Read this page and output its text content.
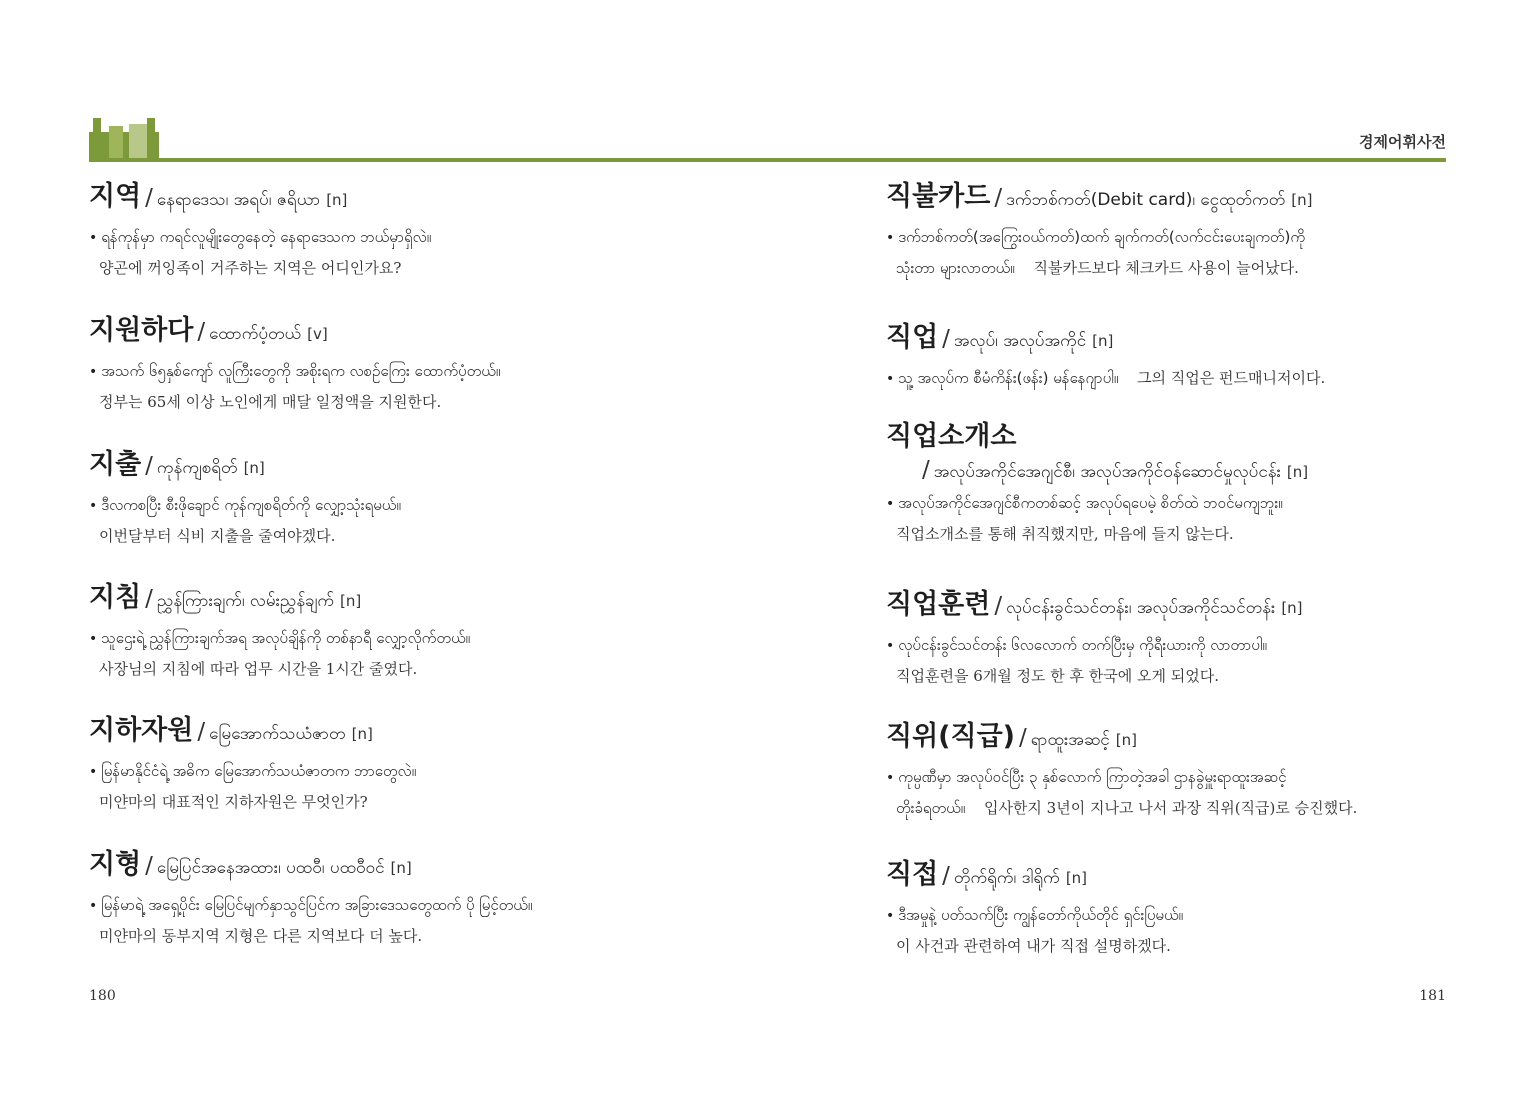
경제어휘사전
지역 / နေရာဒေသ၊ အရပ်၊ ဇရိယာ [n]
• ရန်ကုန်မှာ ကရင်လူမျိုးတွေနေတဲ့ နေရာဒေသက ဘယ်မှာရှိလဲ။
양곤에 꺼잉족이 거주하는 지역은 어디인가요?
지원하다 / ထောက်ပံ့တယ် [v]
• အသက် ၆၅နှစ်ကျော် လူကြီးတွေကို အစိုးရက လစဉ်ကြေး ထောက်ပံ့တယ်။
정부는 65세 이상 노인에게 매달 일정액을 지원한다.
지출 / ကုန်ကျစရိတ် [n]
• ဒီလကစပြီး စီးဖိုချောင် ကုန်ကျစရိတ်ကို လျှော့သုံးရမယ်။
이번달부터 식비 지출을 줄여야겠다.
지침 / ညွှန်ကြားချက်၊ လမ်းညွှန်ချက် [n]
• သူဌေးရဲ့ ညွှန်ကြားချက်အရ အလုပ်ချိန်ကို တစ်နာရီ လျှော့လိုက်တယ်။
사장님의 지침에 따라 업무 시간을 1시간 줄였다.
지하자원 / မြေအောက်သယံဇာတ [n]
• မြန်မာနိုင်ငံရဲ့ အဓိက မြေအောက်သယံဇာတက ဘာတွေလဲ။
미얀마의 대표적인 지하자원은 무엇인가?
지형 / မြေပြင်အနေအထား၊ ပထဝီ၊ ပထဝီဝင် [n]
• မြန်မာရဲ့ အရှေ့ပိုင်း မြေပြင်မျက်နှာသွင်ပြင်က အခြားဒေသတွေထက် ပို မြင့်တယ်။
미얀마의 동부지역 지형은 다른 지역보다 더 높다.
직불카드 / ဒက်ဘစ်ကတ်(Debit card)၊ ငွေထုတ်ကတ် [n]
• ဒက်ဘစ်ကတ်(အကြွေးဝယ်ကတ်)ထက် ချက်ကတ်(လက်ငင်းပေးချကတ်)ကို
သုံးတာ များလာတယ်။ 직불카드보다 체크카드 사용이 늘어났다.
직업 / အလုပ်၊ အလုပ်အကိုင် [n]
• သူ့ အလုပ်က စီမံကိန်း(ဖန်း) မန်နေဂျာပါ။ 그의 직업은 펀드매니저이다.
직업소개소
/ အလုပ်အကိုင်အေဂျင်စီ၊ အလုပ်အကိုင်ဝန်ဆောင်မှုလုပ်ငန်း [n]
• အလုပ်အကိုင်အေဂျင်စီကတစ်ဆင့် အလုပ်ရပေမဲ့ စိတ်ထဲ ဘဝင်မကျဘူး။
직업소개소를 통해 취직했지만, 마음에 들지 않는다.
직업훈련 / လုပ်ငန်းခွင်သင်တန်း၊ အလုပ်အကိုင်သင်တန်း [n]
• လုပ်ငန်းခွင်သင်တန်း ၆လလောက် တက်ပြီးမှ ကိုရီးယားကို လာတာပါ။
직업훈련을 6개월 정도 한 후 한국에 오게 되었다.
직위(직급) / ရာထူးအဆင့် [n]
• ကုမ္ပဏီမှာ အလုပ်ဝင်ပြီး ၃ နှစ်လောက် ကြာတဲ့အခါ ဌာနခွဲမှူးရာထူးအဆင့်
တိုးခံရတယ်။ 입사한지 3년이 지나고 나서 과장 직위(직급)로 승진했다.
직접 / တိုက်ရိုက်၊ ဒါရိုက် [n]
• ဒီအမှုနဲ့ ပတ်သက်ပြီး ကျွန်တော်ကိုယ်တိုင် ရှင်းပြမယ်။
이 사건과 관련하여 내가 직접 설명하겠다.
180	181
